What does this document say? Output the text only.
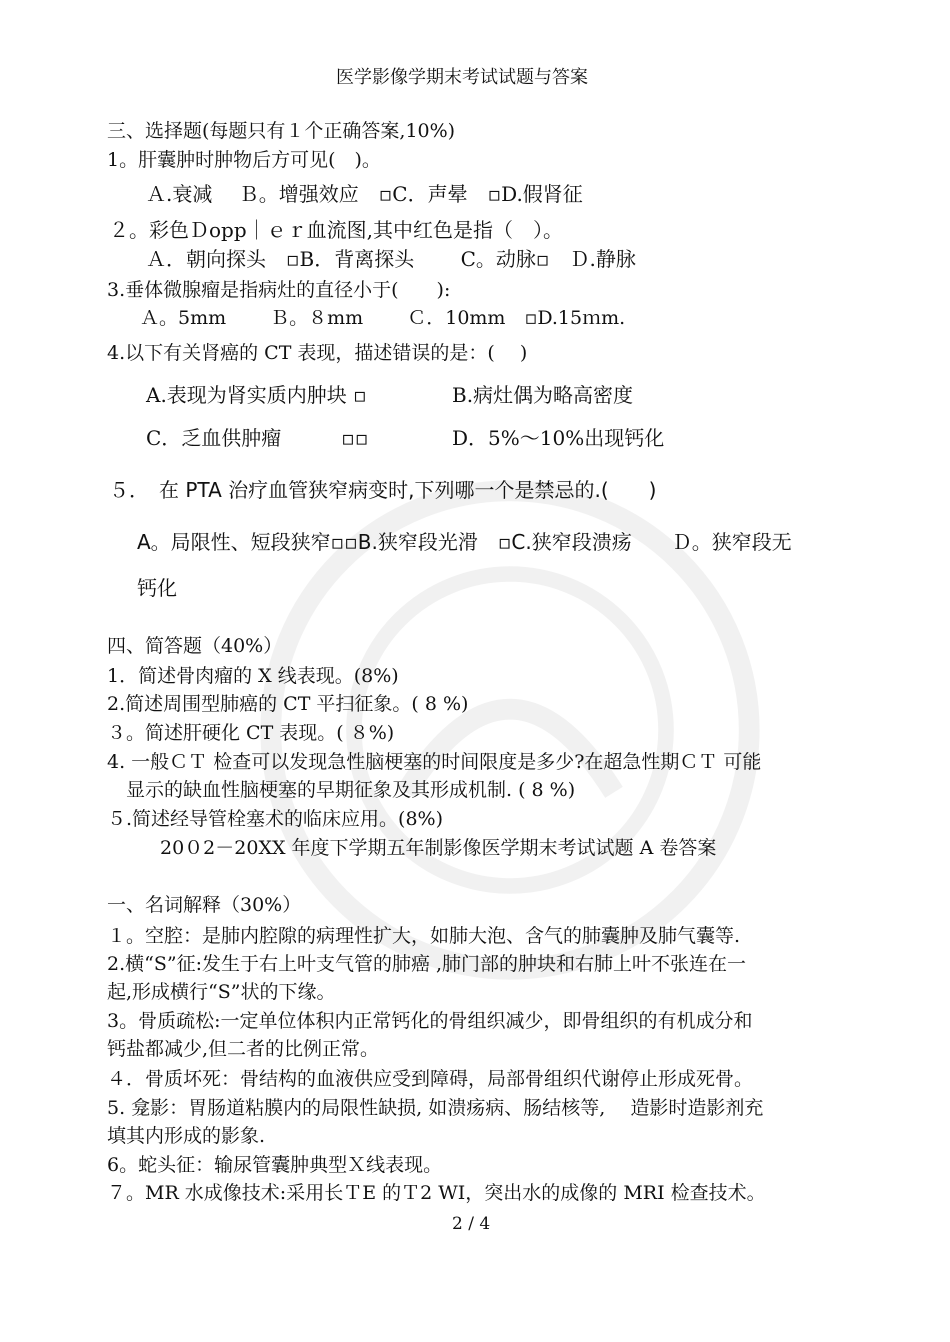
医学影像学期末考试试题与答案
三、选择题(每题只有１个正确答案,10%)
1。肝囊肿时肿物后方可见(　)。
Ａ.衰减　 Ｂ。增强效应　▫C．声晕　▫D.假肾征
２。彩色Ｄopp｜ｅｒ血流图,其中红色是指（　）。
Ａ．朝向探头　▫B．背离探头　　 C。动脉▫　Ｄ.静脉
3.垂体微腺瘤是指病灶的直径小于(　　):
Ａ。5mm　　 Ｂ。８mm　　 Ｃ．10mm　▫D.15ｍm.
4.以下有关肾癌的 CT 表现，描述错误的是：(　 )
A.表现为肾实质内肿块 ▫	B.病灶偶为略高密度
C．乏血供肿瘤　　　▫▫	D．5%～10%出现钙化
５．　在 PTA 治疗血管狭窄病变时,下列哪一个是禁忌的.(　　)
A。局限性、短段狭窄▫▫B.狭窄段光滑　▫C.狭窄段溃疡　　Ｄ。狭窄段无
钙化
四、简答题（40%）
1．简述骨肉瘤的 X 线表现。(8%)
2.简述周围型肺癌的 CT 平扫征象。( 8 %)
３。简述肝硬化 CT 表现。( ８%)
4. 一般ＣＴ 检查可以发现急性脑梗塞的时间限度是多少?在超急性期ＣＴ 可能
显示的缺血性脑梗塞的早期征象及其形成机制. ( 8 %)
５.简述经导管栓塞术的临床应用。(8%)
20０2－20XX 年度下学期五年制影像医学期末考试试题 A 卷答案
一、名词解释（30%）
１。空腔：是肺内腔隙的病理性扩大，如肺大泡、含气的肺囊肿及肺气囊等.
2.横“S”征:发生于右上叶支气管的肺癌 ,肺门部的肿块和右肺上叶不张连在一
起,形成横行“S”状的下缘。
3。骨质疏松:一定单位体积内正常钙化的骨组织减少，即骨组织的有机成分和
钙盐都减少,但二者的比例正常。
４．骨质坏死：骨结构的血液供应受到障碍，局部骨组织代谢停止形成死骨。
5. 龛影：胃肠道粘膜内的局限性缺损, 如溃疡病、肠结核等,　 造影时造影剂充
填其内形成的影象.
6。蛇头征：输尿管囊肿典型Ｘ线表现。
７。MR 水成像技术:采用长ＴE 的Ｔ2 WI，突出水的成像的 MRI 检查技术。
2 / 4
